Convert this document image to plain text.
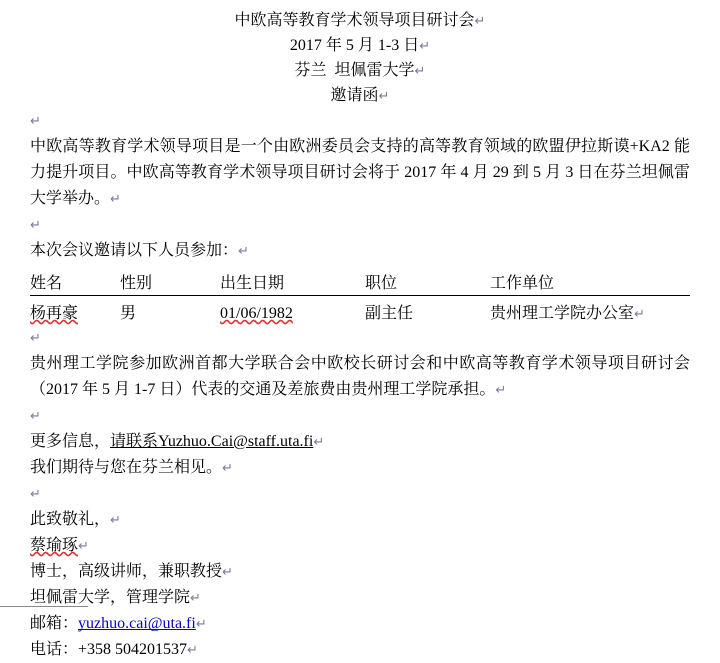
中欧高等教育学术领导项目研讨会↵
2017 年 5 月 1-3 日↵
芬兰  坦佩雷大学↵
邀请函↵
↵
中欧高等教育学术领导项目是一个由欧洲委员会支持的高等教育领域的欧盟伊拉斯谟+KA2 能力提升项目。中欧高等教育学术领导项目研讨会将于 2017 年 4 月 29 到 5 月 3 日在芬兰坦佩雷大学举办。↵
↵
本次会议邀请以下人员参加：↵
姓名	性别	出生日期	职位	工作单位
杨再豪	男	01/06/1982	副主任	贵州理工学院办公室↵
↵
贵州理工学院参加欧洲首都大学联合会中欧校长研讨会和中欧高等教育学术领导项目研讨会（2017 年 5 月 1-7 日）代表的交通及差旅费由贵州理工学院承担。↵
↵
更多信息，请联系Yuzhuo.Cai@staff.uta.fi↵
我们期待与您在芬兰相见。↵
↵
此致敬礼，↵
蔡瑜琢↵
博士，高级讲师，兼职教授↵
坦佩雷大学，管理学院↵
邮箱：yuzhuo.cai@uta.fi↵
电话：+358 504201537↵
